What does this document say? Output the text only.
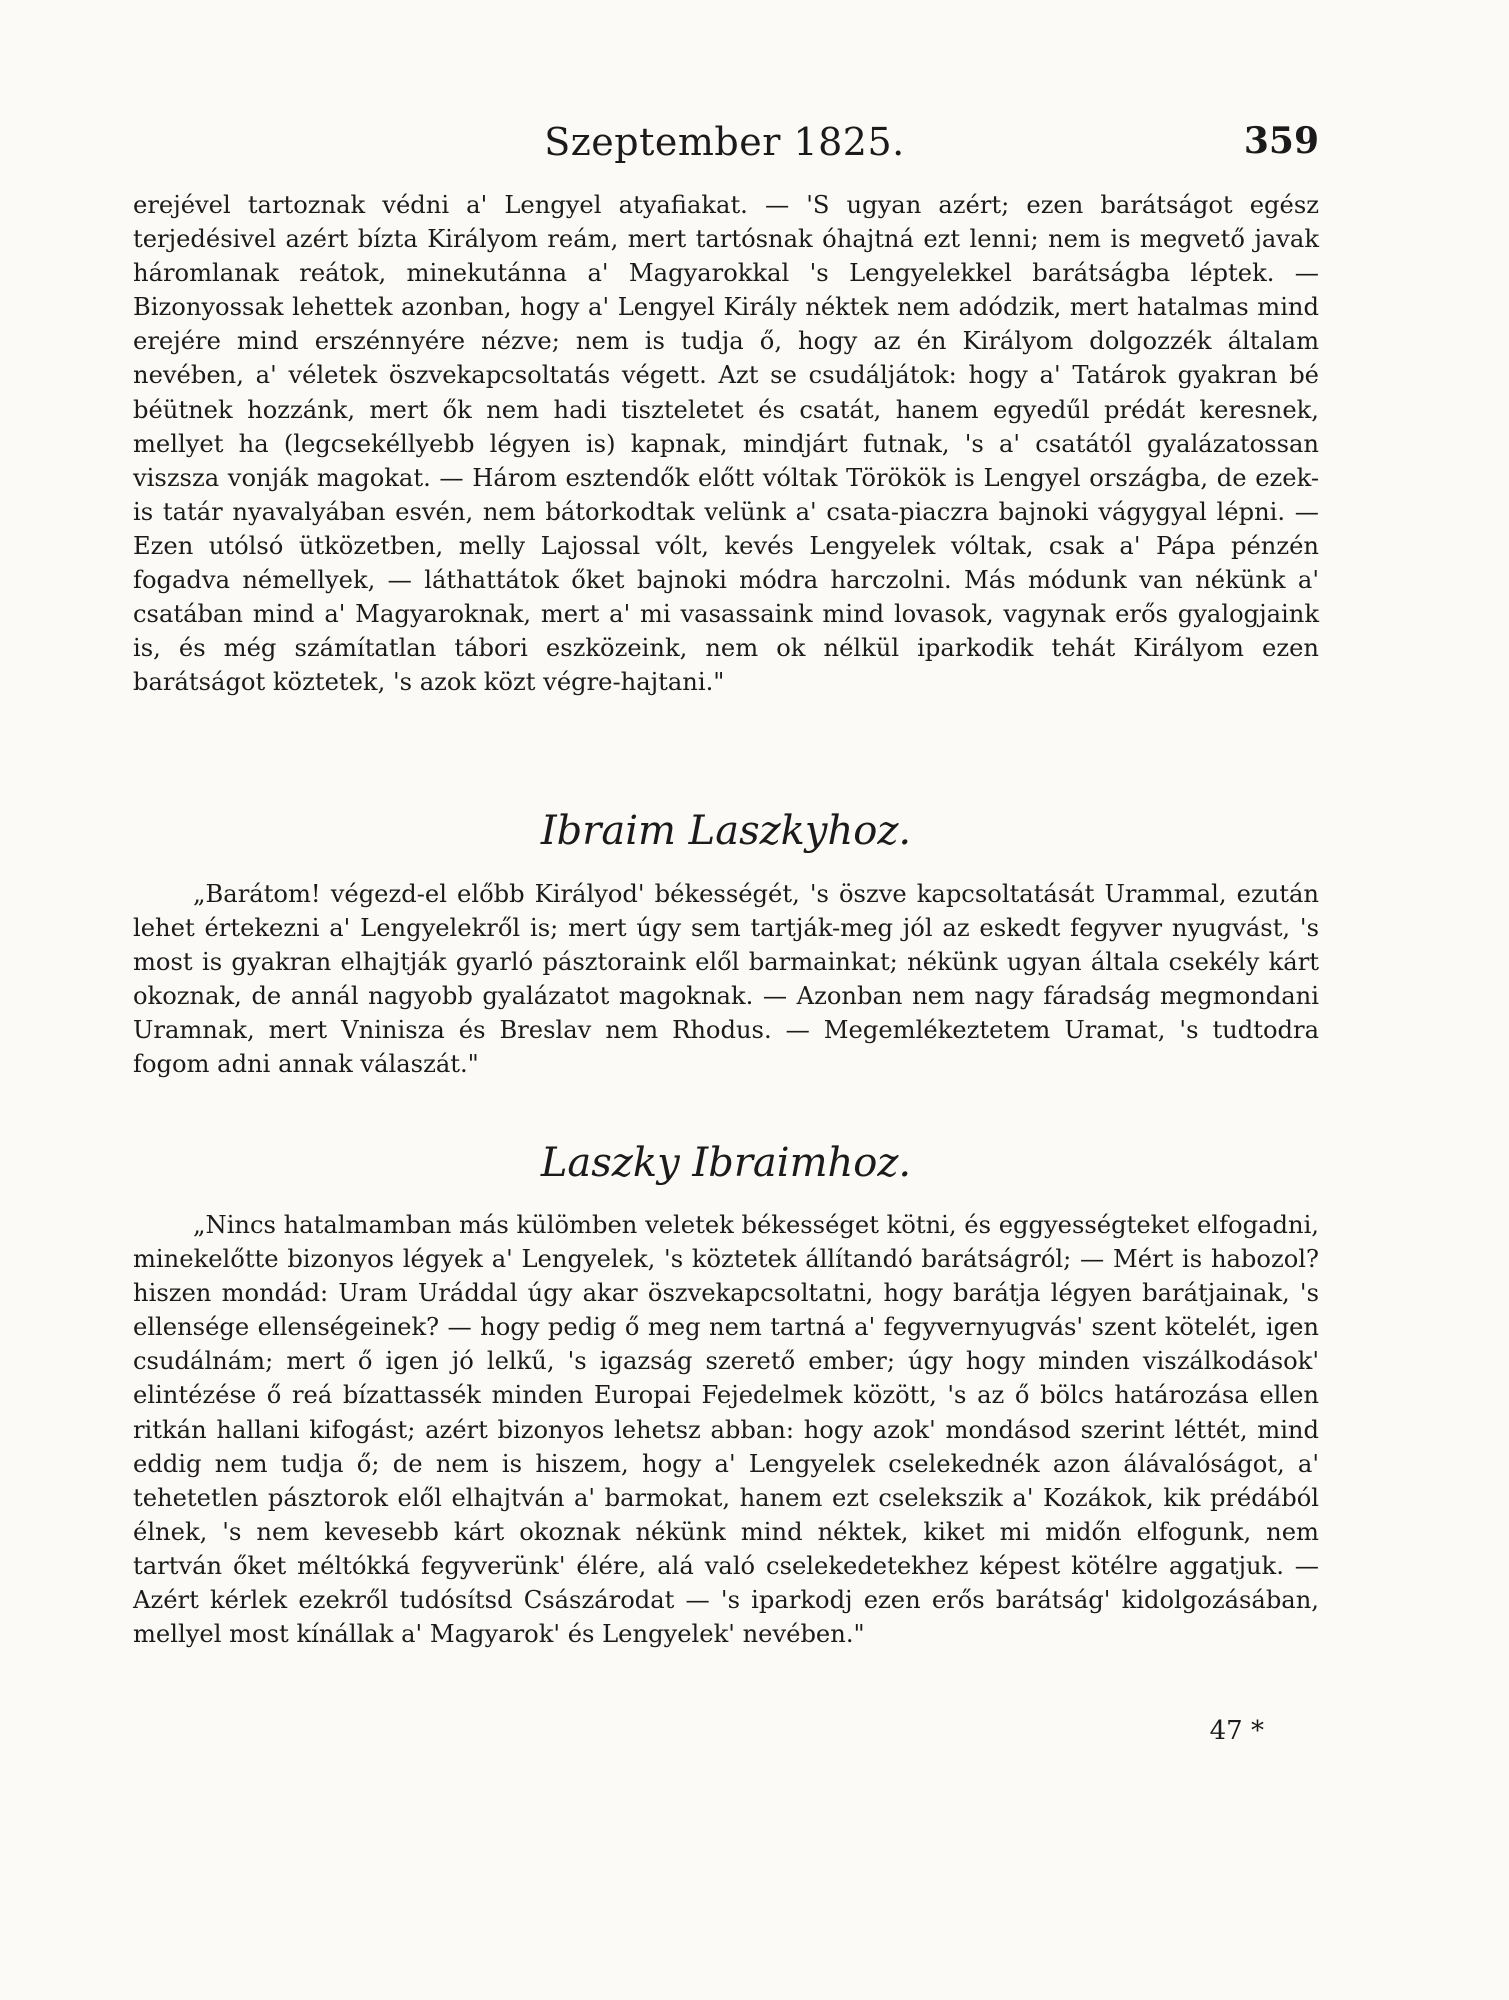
Szeptember 1825.	359
erejével tartoznak védni a' Lengyel atyafiakat. — 'S ugyan azért; ezen barátságot egész terjedésivel azért bízta Királyom reám, mert tartósnak óhajtná ezt lenni; nem is megvető javak háromlanak reátok, minekutánna a' Magyarokkal 's Lengyelekkel barátságba léptek. — Bizonyossak lehettek azonban, hogy a' Lengyel Király néktek nem adódzik, mert hatalmas mind erejére mind erszénnyére nézve; nem is tudja ő, hogy az én Királyom dolgozzék általam nevében, a' véletek öszvekapcsoltatás végett. Azt se csudáljátok: hogy a' Tatárok gyakran bé béütnek hozzánk, mert ők nem hadi tiszteletet és csatát, hanem egyedűl prédát keresnek, mellyet ha (legcsekéllyebb légyen is) kapnak, mindjárt futnak, 's a' csatától gyalázatossan viszsza vonják magokat. — Három esztendők előtt vóltak Törökök is Lengyel országba, de ezek-is tatár nyavalyában esvén, nem bátorkodtak velünk a' csata-piaczra bajnoki vágygyal lépni. — Ezen utólsó ütközetben, melly Lajossal vólt, kevés Lengyelek vóltak, csak a' Pápa pénzén fogadva némellyek, — láthattátok őket bajnoki módra harczolni. Más módunk van nékünk a' csatában mind a' Magyaroknak, mert a' mi vasassaink mind lovasok, vagynak erős gyalogjaink is, és még számítatlan tábori eszközeink, nem ok nélkül iparkodik tehát Királyom ezen barátságot köztetek, 's azok közt végre-hajtani."
Ibraim Laszkyhoz.
„Barátom! végezd-el előbb Királyod' békességét, 's öszve kapcsoltatását Urammal, ezután lehet értekezni a' Lengyelekről is; mert úgy sem tartják-meg jól az eskedt fegyver nyugvást, 's most is gyakran elhajtják gyarló pásztoraink elől barmainkat; nékünk ugyan általa csekély kárt okoznak, de annál nagyobb gyalázatot magoknak. — Azonban nem nagy fáradság megmondani Uramnak, mert Vninisza és Breslav nem Rhodus. — Megemlékeztetem Uramat, 's tudtodra fogom adni annak válaszát."
Laszky Ibraimhoz.
„Nincs hatalmamban más külömben veletek békességet kötni, és eggyességteket elfogadni, minekelőtte bizonyos légyek a' Lengyelek, 's köztetek állítandó barátságról; — Mért is habozol? hiszen mondád: Uram Uráddal úgy akar öszvekapcsoltatni, hogy barátja légyen barátjainak, 's ellensége ellenségeinek? — hogy pedig ő meg nem tartná a' fegyvernyugvás' szent kötelét, igen csudálnám; mert ő igen jó lelkű, 's igazság szerető ember; úgy hogy minden viszálkodások' elintézése ő reá bízattassék minden Europai Fejedelmek között, 's az ő bölcs határozása ellen ritkán hallani kifogást; azért bizonyos lehetsz abban: hogy azok' mondásod szerint léttét, mind eddig nem tudja ő; de nem is hiszem, hogy a' Lengyelek cselekednék azon álávalóságot, a' tehetetlen pásztorok elől elhajtván a' barmokat, hanem ezt cselekszik a' Kozákok, kik prédából élnek, 's nem kevesebb kárt okoznak nékünk mind néktek, kiket mi midőn elfogunk, nem tartván őket méltókká fegyverünk' élére, alá való cselekedetekhez képest kötélre aggatjuk. — Azért kérlek ezekről tudósítsd Császárodat — 's iparkodj ezen erős barátság' kidolgozásában, mellyel most kínállak a' Magyarok' és Lengyelek' nevében."
47 *
